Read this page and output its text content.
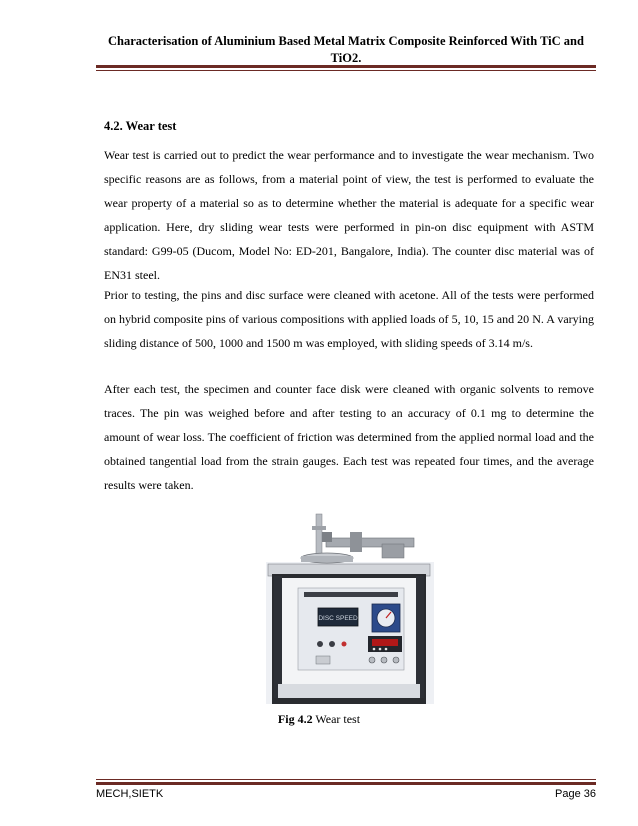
Characterisation of Aluminium Based Metal Matrix Composite Reinforced With TiC and TiO2.
4.2. Wear test

Wear test is carried out to predict the wear performance and to investigate the wear mechanism. Two specific reasons are as follows, from a material point of view, the test is performed to evaluate the wear property of a material so as to determine whether the material is adequate for a specific wear application. Here, dry sliding wear tests were performed in pin-on disc equipment with ASTM standard: G99-05 (Ducom, Model No: ED-201, Bangalore, India). The counter disc material was of EN31 steel.

Prior to testing, the pins and disc surface were cleaned with acetone. All of the tests were performed on hybrid composite pins of various compositions with applied loads of 5, 10, 15 and 20 N. A varying sliding distance of 500, 1000 and 1500 m was employed, with sliding speeds of 3.14 m/s.

After each test, the specimen and counter face disk were cleaned with organic solvents to remove traces. The pin was weighed before and after testing to an accuracy of 0.1 mg to determine the amount of wear loss. The coefficient of friction was determined from the applied normal load and the obtained tangential load from the strain gauges. Each test was repeated four times, and the average results were taken.

DISC SPEED
Fig 4.2 Wear test
MECH,SIETK	Page 36
